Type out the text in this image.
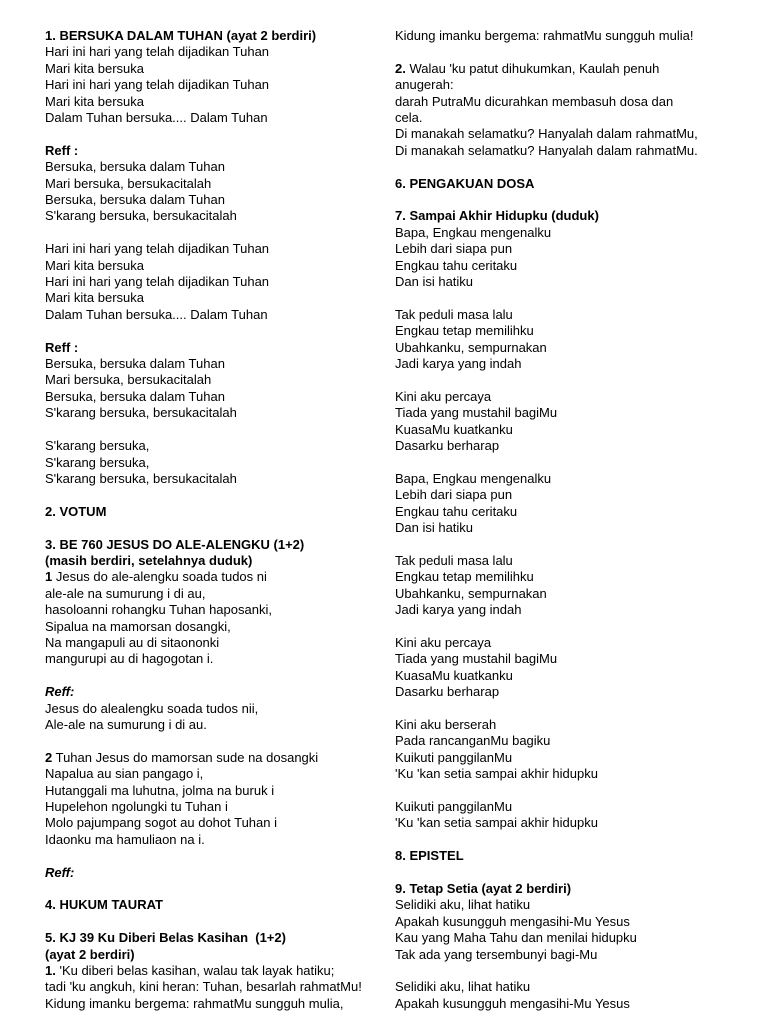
1. BERSUKA DALAM TUHAN (ayat 2 berdiri)
Hari ini hari yang telah dijadikan Tuhan
Mari kita bersuka
Hari ini hari yang telah dijadikan Tuhan
Mari kita bersuka
Dalam Tuhan bersuka.... Dalam Tuhan
Reff :
Bersuka, bersuka dalam Tuhan
Mari bersuka, bersukacitalah
Bersuka, bersuka dalam Tuhan
S'karang bersuka, bersukacitalah
Hari ini hari yang telah dijadikan Tuhan
Mari kita bersuka
Hari ini hari yang telah dijadikan Tuhan
Mari kita bersuka
Dalam Tuhan bersuka.... Dalam Tuhan
Reff :
Bersuka, bersuka dalam Tuhan
Mari bersuka, bersukacitalah
Bersuka, bersuka dalam Tuhan
S'karang bersuka, bersukacitalah
S'karang bersuka,
S'karang bersuka,
S'karang bersuka, bersukacitalah
2. VOTUM
3. BE 760 JESUS DO ALE-ALENGKU (1+2)
(masih berdiri, setelahnya duduk)
1 Jesus do ale-alengku soada tudos ni
ale-ale na sumurung i di au,
hasoloanni rohangku Tuhan haposanki,
Sipalua na mamorsan dosangki,
Na mangapuli au di sitaononki
mangurupi au di hagogotan i.
Reff:
Jesus do alealengku soada tudos nii,
Ale-ale na sumurung i di au.
2 Tuhan Jesus do mamorsan sude na dosangki
Napalua au sian pangago i,
Hutanggali ma luhutna, jolma na buruk i
Hupelehon ngolungki tu Tuhan i
Molo pajumpang sogot au dohot Tuhan i
Idaonku ma hamuliaon na i.
Reff:
4. HUKUM TAURAT
5. KJ 39 Ku Diberi Belas Kasihan  (1+2)
(ayat 2 berdiri)
1. 'Ku diberi belas kasihan, walau tak layak hatiku;
tadi 'ku angkuh, kini heran: Tuhan, besarlah rahmatMu!
Kidung imanku bergema: rahmatMu sungguh mulia,
Kidung imanku bergema: rahmatMu sungguh mulia!
2. Walau 'ku patut dihukumkan, Kaulah penuh
anugerah:
darah PutraMu dicurahkan membasuh dosa dan
cela.
Di manakah selamatku? Hanyalah dalam rahmatMu,
Di manakah selamatku? Hanyalah dalam rahmatMu.
6. PENGAKUAN DOSA
7. Sampai Akhir Hidupku (duduk)
Bapa, Engkau mengenalku
Lebih dari siapa pun
Engkau tahu ceritaku
Dan isi hatiku
Tak peduli masa lalu
Engkau tetap memilihku
Ubahkanku, sempurnakan
Jadi karya yang indah
Kini aku percaya
Tiada yang mustahil bagiMu
KuasaMu kuatkanku
Dasarku berharap
Bapa, Engkau mengenalku
Lebih dari siapa pun
Engkau tahu ceritaku
Dan isi hatiku
Tak peduli masa lalu
Engkau tetap memilihku
Ubahkanku, sempurnakan
Jadi karya yang indah
Kini aku percaya
Tiada yang mustahil bagiMu
KuasaMu kuatkanku
Dasarku berharap
Kini aku berserah
Pada rancanganMu bagiku
Kuikuti panggilanMu
'Ku 'kan setia sampai akhir hidupku
Kuikuti panggilanMu
'Ku 'kan setia sampai akhir hidupku
8. EPISTEL
9. Tetap Setia (ayat 2 berdiri)
Selidiki aku, lihat hatiku
Apakah kusungguh mengasihi-Mu Yesus
Kau yang Maha Tahu dan menilai hidupku
Tak ada yang tersembunyi bagi-Mu
Selidiki aku, lihat hatiku
Apakah kusungguh mengasihi-Mu Yesus
